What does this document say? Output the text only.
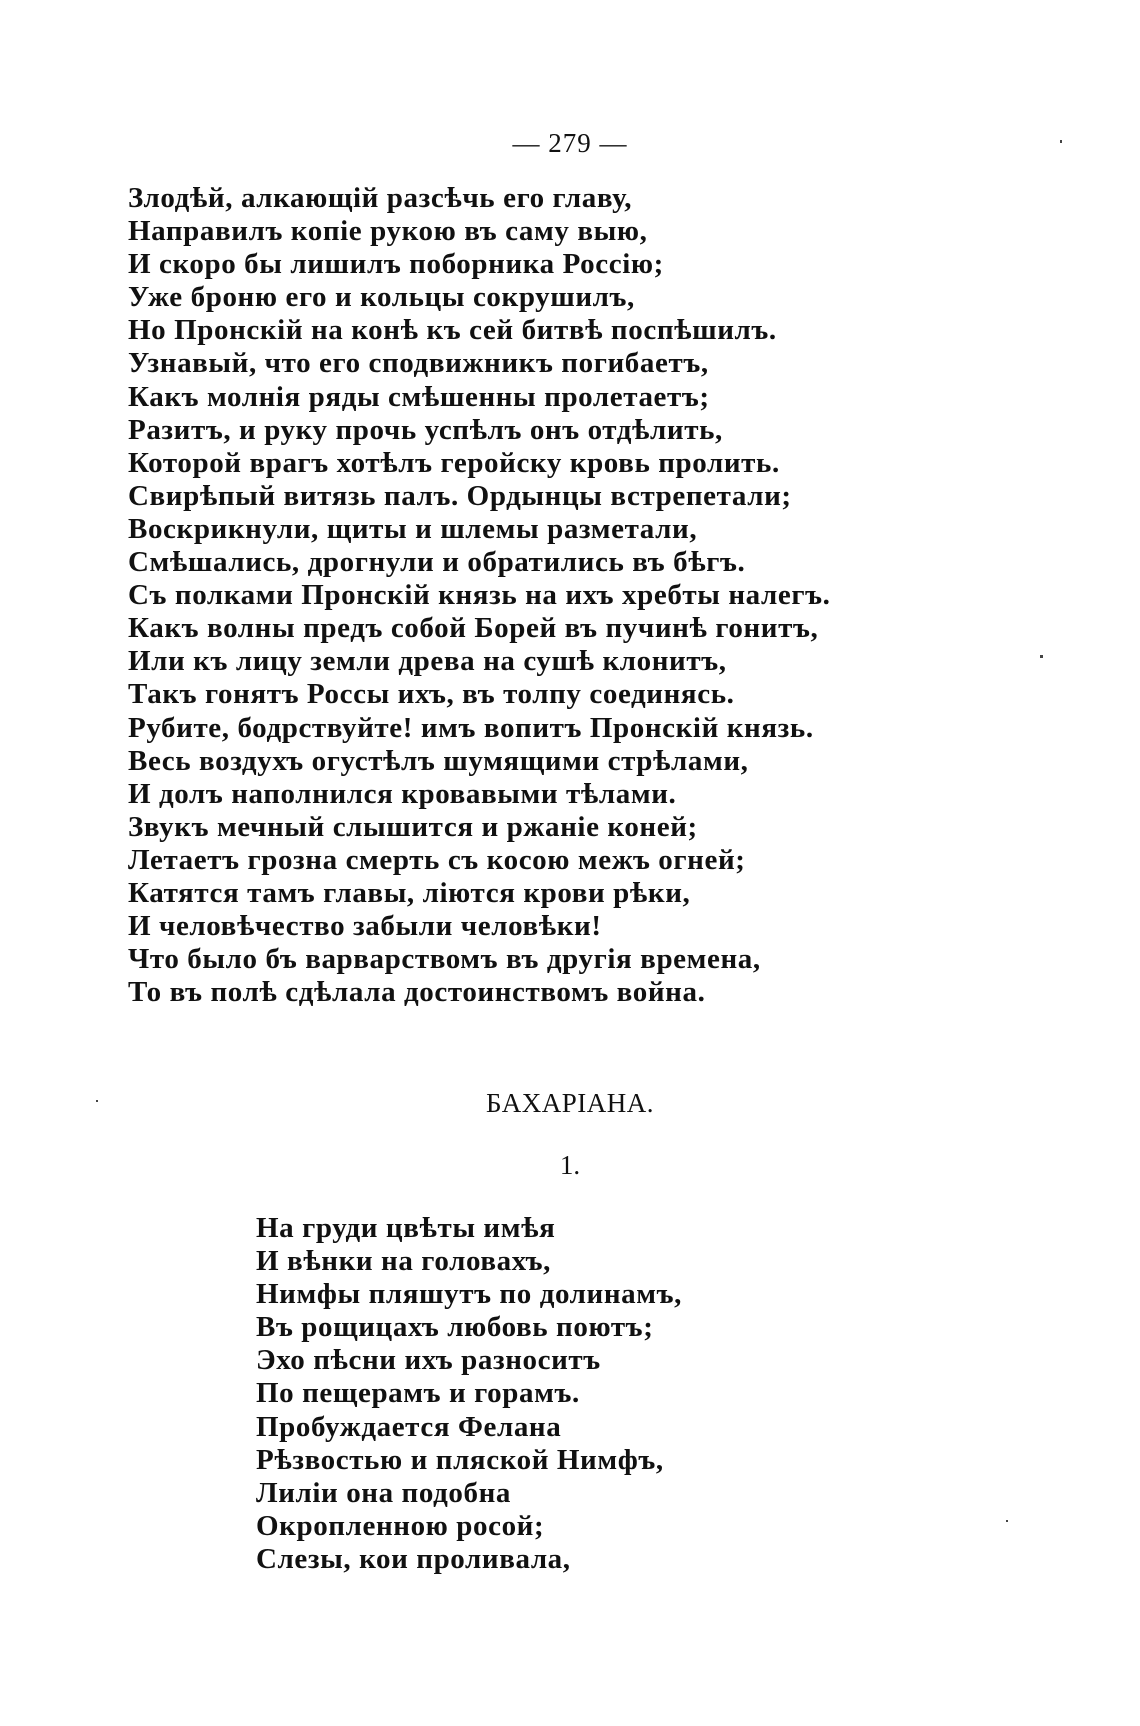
— 279 —
Злодѣй, алкающій разсѣчь его главу,
Направилъ копіе рукою въ саму выю,
И скоро бы лишилъ поборника Россію;
Уже броню его и кольцы сокрушилъ,
Но Пронскій на конѣ къ сей битвѣ поспѣшилъ.
Узнавый, что его сподвижникъ погибаетъ,
Какъ молнія ряды смѣшенны пролетаетъ;
Разитъ, и руку прочь успѣлъ онъ отдѣлить,
Которой врагъ хотѣлъ геройску кровь пролить.
Свирѣпый витязь палъ. Ордынцы встрепетали;
Воскрикнули, щиты и шлемы разметали,
Смѣшались, дрогнули и обратились въ бѣгъ.
Съ полками Пронскій князь на ихъ хребты налегъ.
Какъ волны предъ собой Борей въ пучинѣ гонитъ,
Или къ лицу земли древа на сушѣ клонитъ,
Такъ гонятъ Россы ихъ, въ толпу соединясь.
Рубите, бодрствуйте! имъ вопитъ Пронскій князь.
Весь воздухъ огустѣлъ шумящими стрѣлами,
И долъ наполнился кровавыми тѣлами.
Звукъ мечный слышится и ржаніе коней;
Летаетъ грозна смерть съ косою межъ огней;
Катятся тамъ главы, ліются крови рѣки,
И человѣчество забыли человѣки!
Что было бъ варварствомъ въ другія времена,
То въ полѣ сдѣлала достоинствомъ война.
БАХАРІАНА.
1.
На груди цвѣты имѣя
И вѣнки на головахъ,
Нимфы пляшутъ по долинамъ,
Въ рощицахъ любовь поютъ;
Эхо пѣсни ихъ разноситъ
По пещерамъ и горамъ.
Пробуждается Фелана
Рѣзвостью и пляской Нимфъ,
Лиліи она подобна
Окропленною росой;
Слезы, кои проливала,
